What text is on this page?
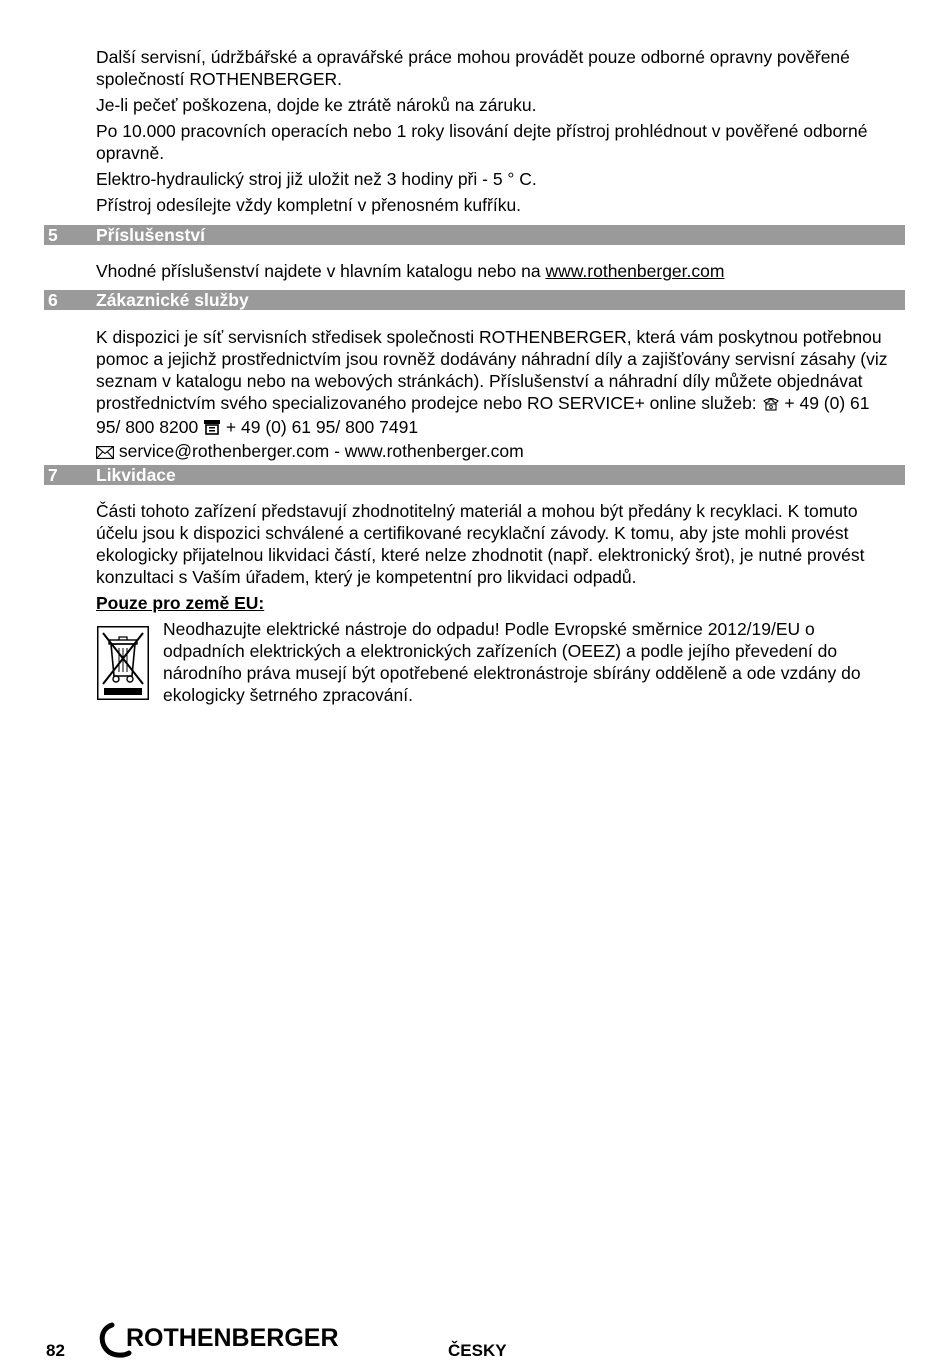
Další servisní, údržbářské a opravářské práce mohou provádět pouze odborné opravny pověřené společností ROTHENBERGER.

Je-li pečeť poškozena, dojde ke ztrátě nároků na záruku.

Po 10.000 pracovních operacích nebo 1 roky lisování dejte přístroj prohlédnout v pověřené odborné opravně.

Elektro-hydraulický stroj již uložit než 3 hodiny při - 5 ° C.

Přístroj odesílejte vždy kompletní v přenosném kufříku.

5 Příslušenství
Vhodné příslušenství najdete v hlavním katalogu nebo na www.rothenberger.com
6 Zákaznické služby
K dispozici je síť servisních středisek společnosti ROTHENBERGER, která vám poskytnou potřebnou pomoc a jejichž prostřednictvím jsou rovněž dodávány náhradní díly a zajišťovány servisní zásahy (viz seznam v katalogu nebo na webových stránkách). Příslušenství a náhradní díly můžete objednávat prostřednictvím svého specializovaného prodejce nebo RO SERVICE+ online služeb:  + 49 (0) 61 95/ 800 8200  + 49 (0) 61 95/ 800 7491
service@rothenberger.com - www.rothenberger.com
7 Likvidace
Části tohoto zařízení představují zhodnotitelný materiál a mohou být předány k recyklaci. K tomuto účelu jsou k dispozici schválené a certifikované recyklační závody. K tomu, aby jste mohli provést ekologicky přijatelnou likvidaci částí, které nelze zhodnotit (např. elektronický šrot), je nutné provést konzultaci s Vaším úřadem, který je kompetentní pro likvidaci odpadů.
Pouze pro země EU:
Neodhazujte elektrické nástroje do odpadu! Podle Evropské směrnice 2012/19/EU o odpadních elektrických a elektronických zařízeních (OEEZ) a podle jejího převedení do národního práva musejí být opotřebené elektronástroje sbírány odděleně a ode vzdány do ekologicky šetrného zpracování.
82 ROTHENBERGER	ČESKY
